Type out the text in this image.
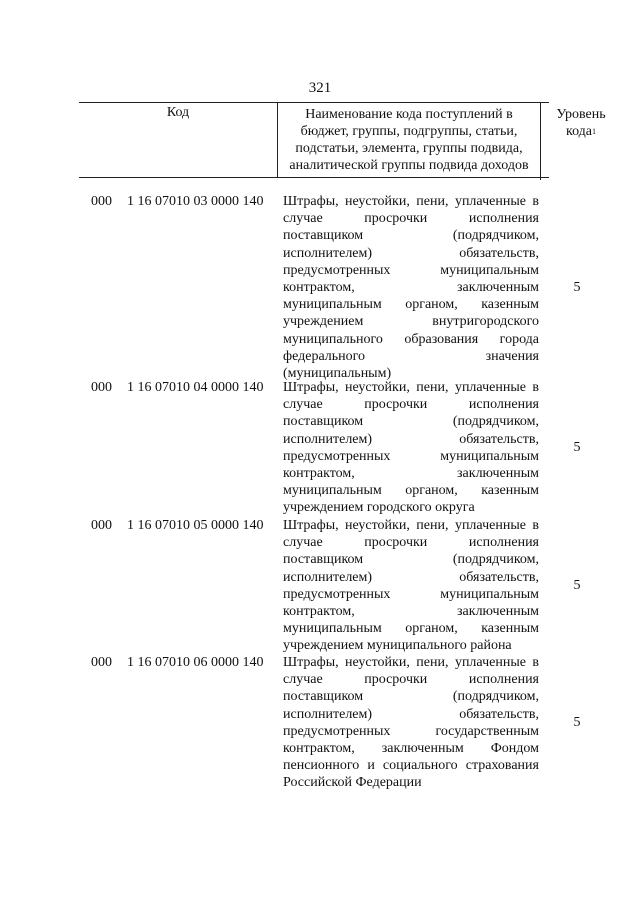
321
Код	Наименование кода поступлений в
бюджет, группы, подгруппы, статьи,
подстатьи, элемента, группы подвида,
аналитической группы подвида доходов
Уровень
кода$^1$
000	1 16 07010 03 0000 140	Штрафы, неустойки, пени, уплаченные в
случае просрочки исполнения
поставщиком (подрядчиком,
исполнителем) обязательств,
предусмотренных муниципальным
контрактом, заключенным
муниципальным органом, казенным
учреждением внутригородского
муниципального образования города
федерального значения
(муниципальным)
5
000	1 16 07010 04 0000 140	Штрафы, неустойки, пени, уплаченные в
случае просрочки исполнения
поставщиком (подрядчиком,
исполнителем) обязательств,
предусмотренных муниципальным
контрактом, заключенным
муниципальным органом, казенным
учреждением городского округа
5
000	1 16 07010 05 0000 140	Штрафы, неустойки, пени, уплаченные в
случае просрочки исполнения
поставщиком (подрядчиком,
исполнителем) обязательств,
предусмотренных муниципальным
контрактом, заключенным
муниципальным органом, казенным
учреждением муниципального района
5
000	1 16 07010 06 0000 140	Штрафы, неустойки, пени, уплаченные в
случае просрочки исполнения
поставщиком (подрядчиком,
исполнителем) обязательств,
предусмотренных государственным
контрактом, заключенным Фондом
пенсионного и социального страхования
Российской Федерации
5
